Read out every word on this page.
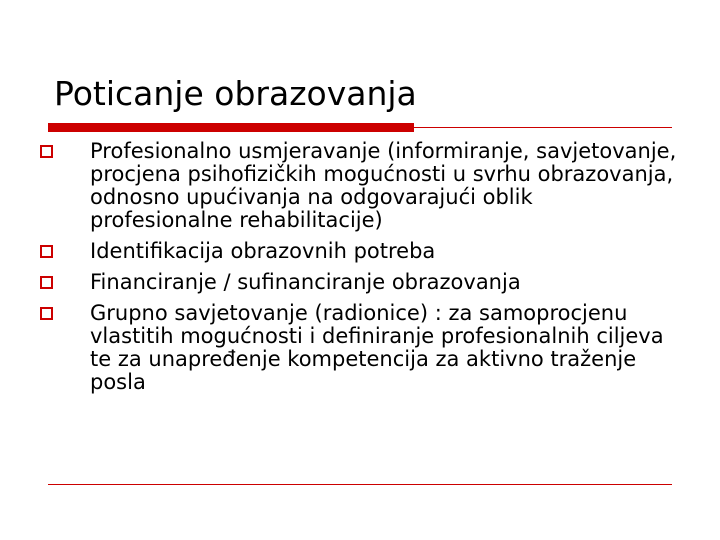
Poticanje obrazovanja
Profesionalno usmjeravanje (informiranje, savjetovanje, procjena psihofizičkih mogućnosti u svrhu obrazovanja, odnosno upućivanja na odgovarajući oblik profesionalne rehabilitacije)
Identifikacija obrazovnih potreba
Financiranje / sufinanciranje obrazovanja
Grupno savjetovanje (radionice) : za samoprocjenu vlastitih mogućnosti i definiranje profesionalnih ciljeva te za unapređenje kompetencija za aktivno traženje posla
